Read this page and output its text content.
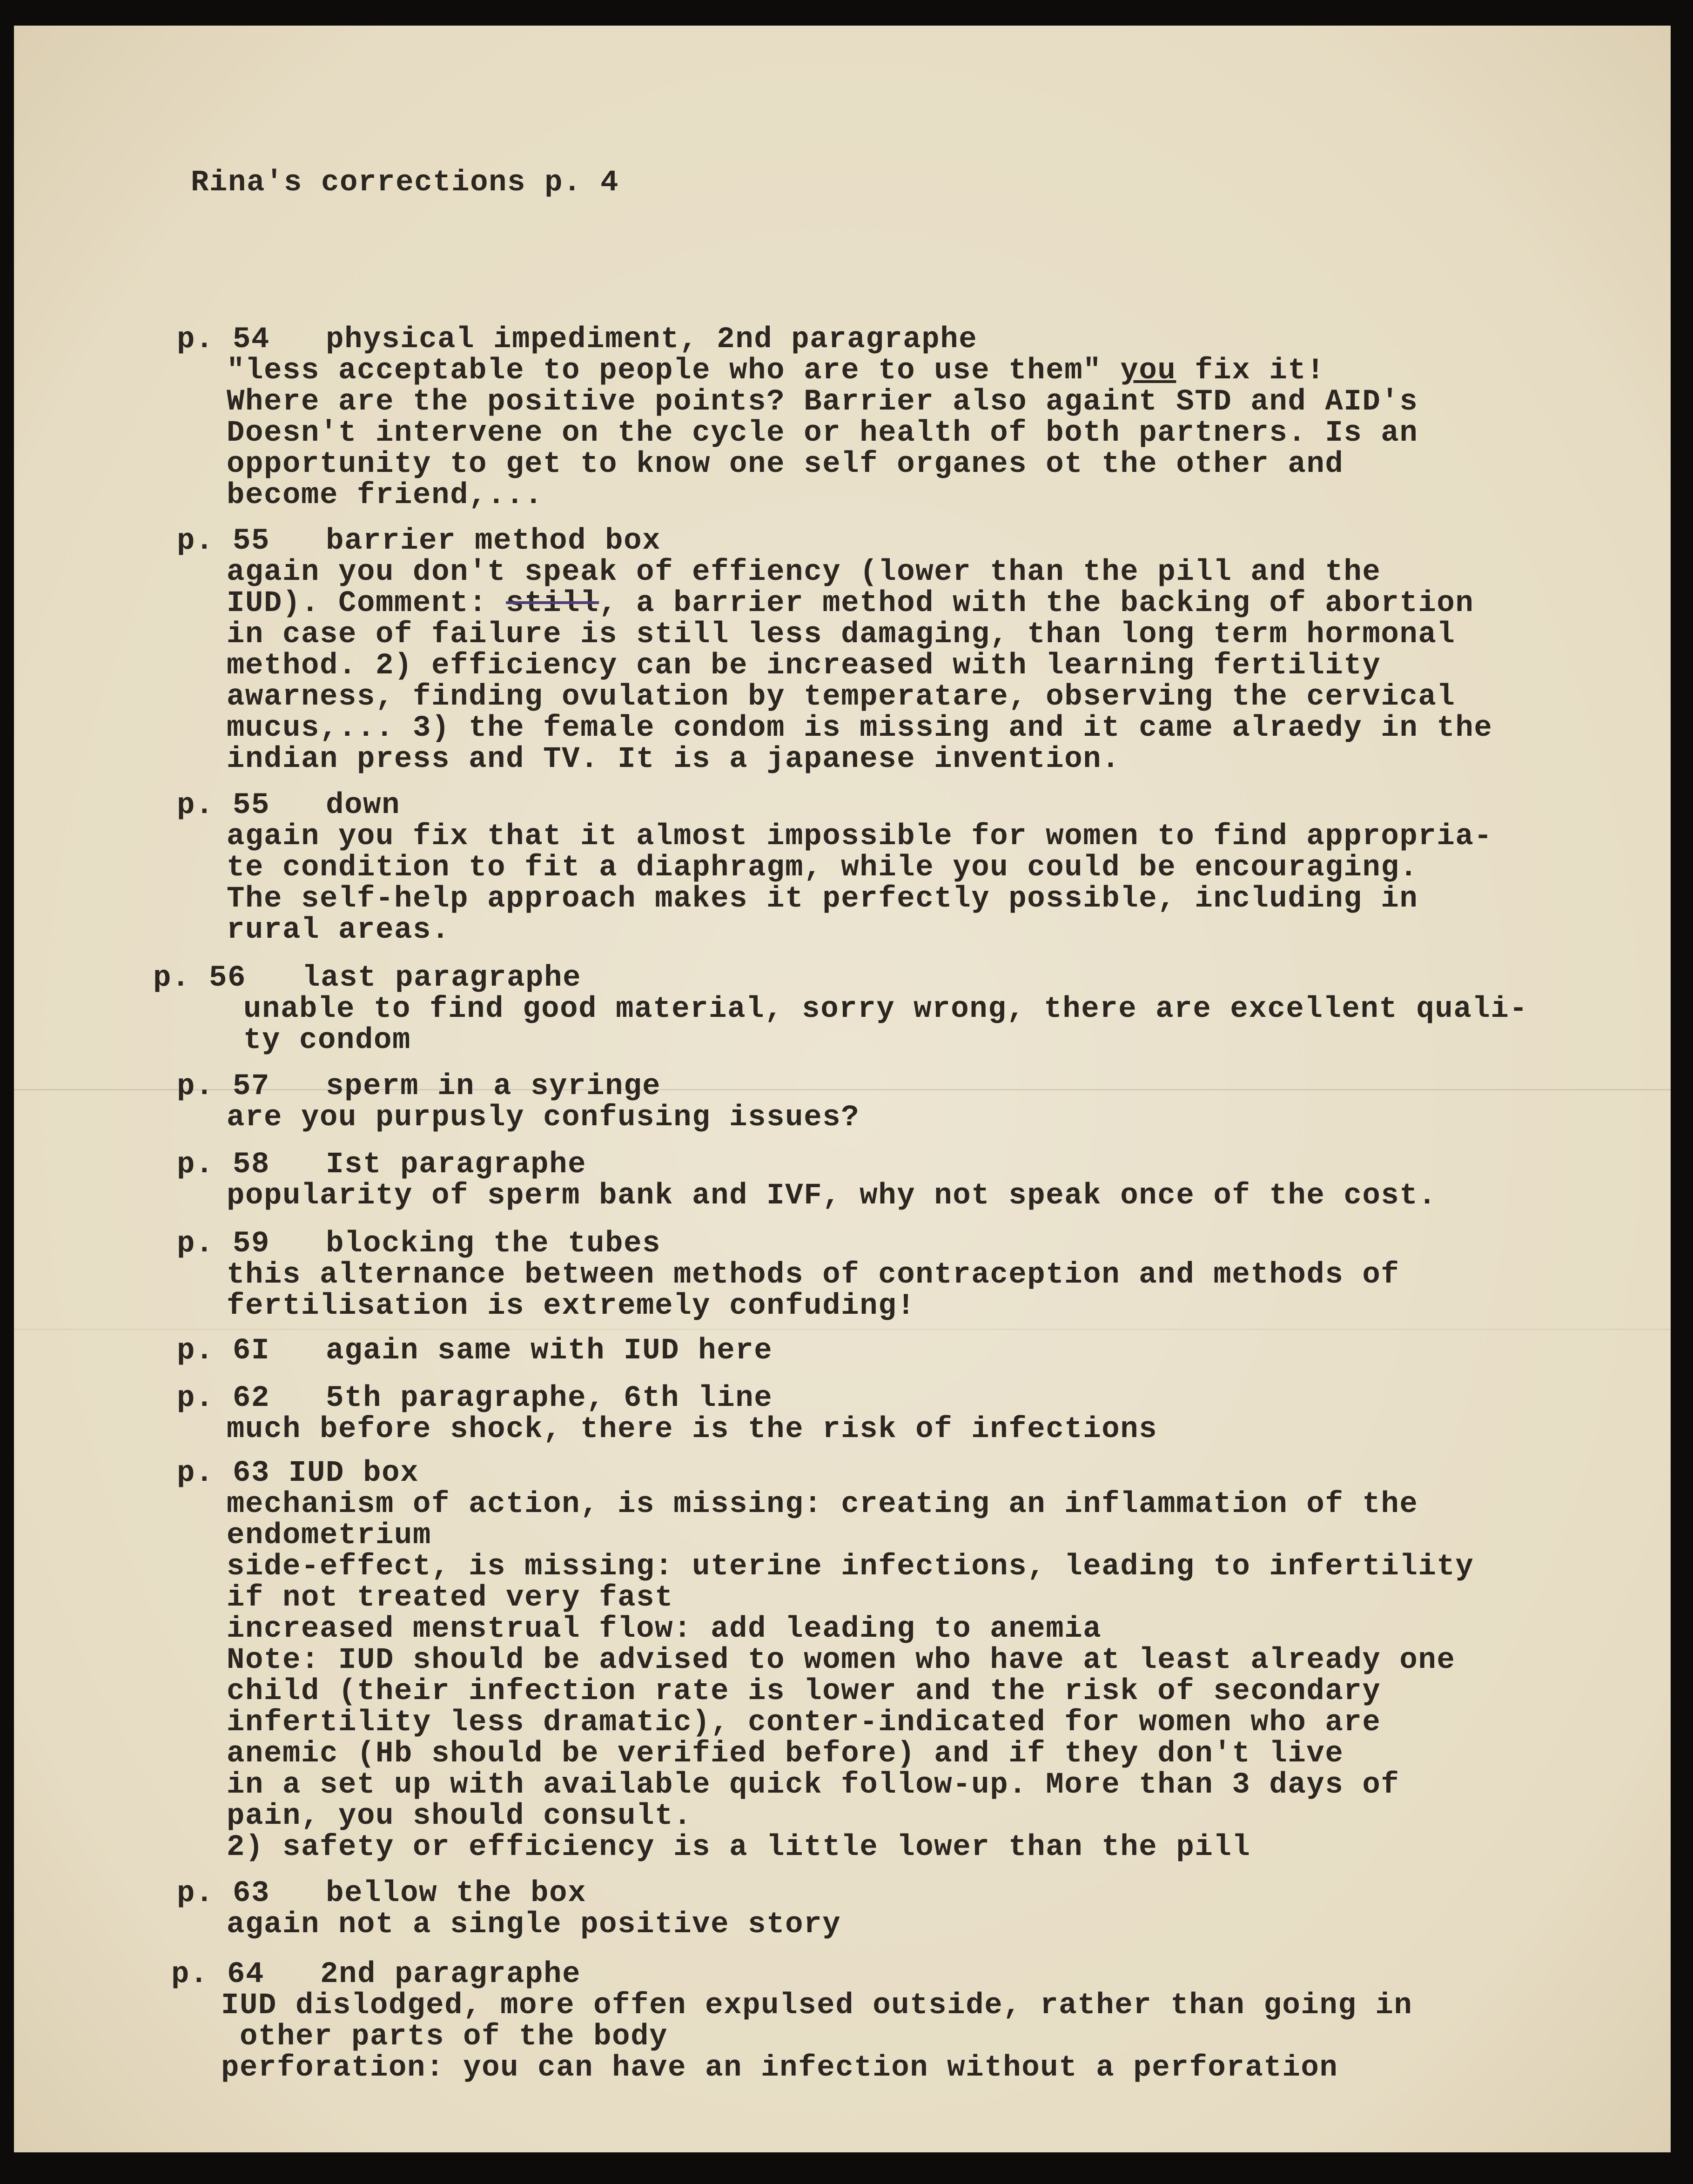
Rina's corrections p. 4
p. 54 physical impediment, 2nd paragraphe
"less acceptable to people who are to use them" you fix it!
Where are the positive points? Barrier also againt STD and AID's
Doesn't intervene on the cycle or health of both partners. Is an
opportunity to get to know one self organes ot the other and
become friend,...
p. 55 barrier method box
again you don't speak of effiency (lower than the pill and the
IUD). Comment: still, a barrier method with the backing of abortion
in case of failure is still less damaging, than long term hormonal
method. 2) efficiency can be increased with learning fertility
awarness, finding ovulation by temperatare, observing the cervical
mucus,... 3) the female condom is missing and it came alraedy in the
indian press and TV. It is a japanese invention.
p. 55 down
again you fix that it almost impossible for women to find appropria-
te condition to fit a diaphragm, while you could be encouraging.
The self-help approach makes it perfectly possible, including in
rural areas.
p. 56 last paragraphe
unable to find good material, sorry wrong, there are excellent quali-
ty condom
p. 57 sperm in a syringe
are you purpusly confusing issues?
p. 58 Ist paragraphe
popularity of sperm bank and IVF, why not speak once of the cost.
p. 59 blocking the tubes
this alternance between methods of contraception and methods of
fertilisation is extremely confuding!
p. 6I again same with IUD here
p. 62 5th paragraphe, 6th line
much before shock, there is the risk of infections
p. 63 IUD box
mechanism of action, is missing: creating an inflammation of the
endometrium
side-effect, is missing: uterine infections, leading to infertility
if not treated very fast
increased menstrual flow: add leading to anemia
Note: IUD should be advised to women who have at least already one
child (their infection rate is lower and the risk of secondary
infertility less dramatic), conter-indicated for women who are
anemic (Hb should be verified before) and if they don't live
in a set up with available quick follow-up. More than 3 days of
pain, you should consult.
2) safety or efficiency is a little lower than the pill
p. 63 bellow the box
again not a single positive story
p. 64 2nd paragraphe
IUD dislodged, more offen expulsed outside, rather than going in
other parts of the body
perforation: you can have an infection without a perforation
